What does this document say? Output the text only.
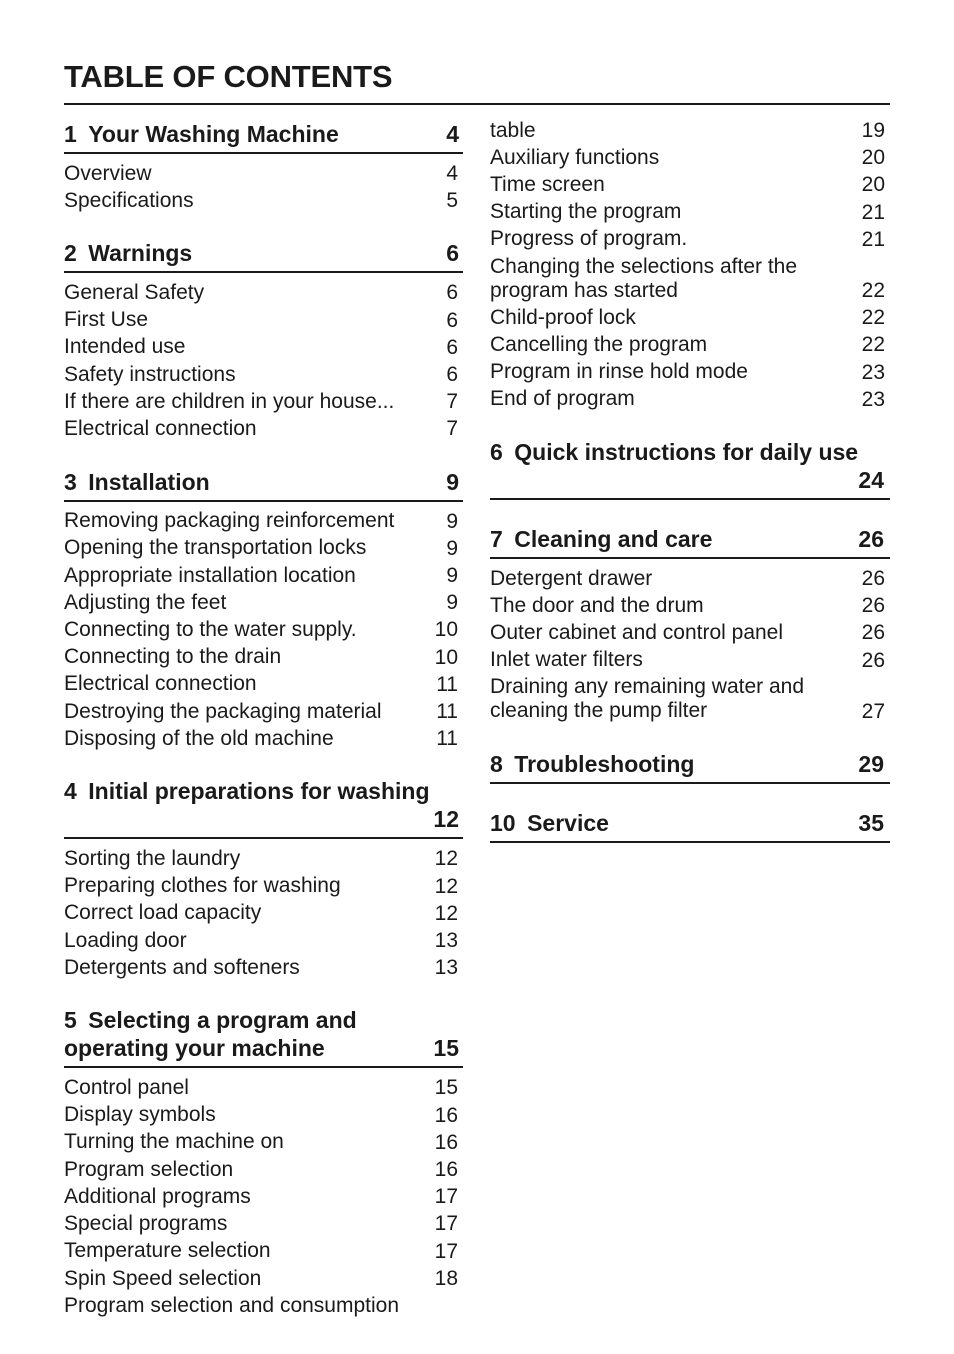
TABLE OF CONTENTS
1  Your Washing Machine	4
Overview	4
Specifications	5
2  Warnings	6
General Safety	6
First Use	6
Intended use	6
Safety instructions	6
If there are children in your house...	7
Electrical connection	7
3  Installation	9
Removing packaging reinforcement	9
Opening the transportation locks	9
Appropriate installation location	9
Adjusting the feet	9
Connecting to the water supply.	10
Connecting to the drain	10
Electrical connection	11
Destroying the packaging material	11
Disposing of the old machine	11
4  Initial preparations for washing
12
Sorting the laundry	12
Preparing clothes for washing	12
Correct load capacity	12
Loading door	13
Detergents and softeners	13
5  Selecting a program and
operating your machine	15
Control panel	15
Display symbols	16
Turning the machine on	16
Program selection	16
Additional programs	17
Special programs	17
Temperature selection	17
Spin Speed selection	18
Program selection and consumption
table	19
Auxiliary functions	20
Time screen	20
Starting the program	21
Progress of program.	21
Changing the selections after the
program has started	22
Child-proof lock	22
Cancelling the program	22
Program in rinse hold mode	23
End of program	23
6  Quick instructions for daily use
24
7  Cleaning and care	26
Detergent drawer	26
The door and the drum	26
Outer cabinet and control panel	26
Inlet water filters	26
Draining any remaining water and
cleaning the pump filter	27
8  Troubleshooting	29
10  Service	35
